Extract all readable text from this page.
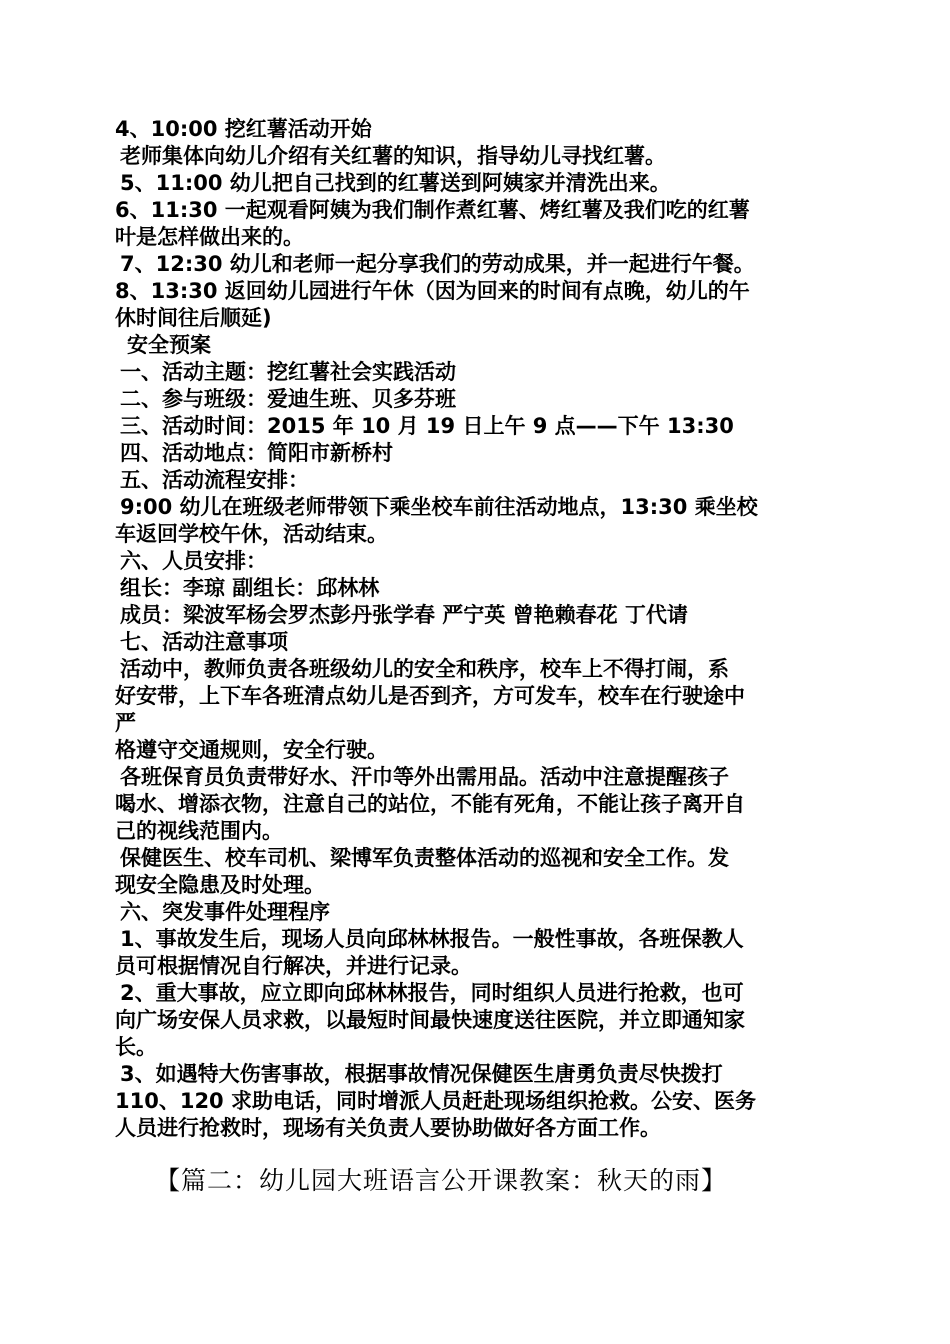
4、10:00 挖红薯活动开始
老师集体向幼儿介绍有关红薯的知识，指导幼儿寻找红薯。
5、11:00 幼儿把自己找到的红薯送到阿姨家并清洗出来。
6、11:30 一起观看阿姨为我们制作煮红薯、烤红薯及我们吃的红薯
叶是怎样做出来的。
7、12:30 幼儿和老师一起分享我们的劳动成果，并一起进行午餐。
8、13:30 返回幼儿园进行午休（因为回来的时间有点晚，幼儿的午
休时间往后顺延)
安全预案
一、活动主题：挖红薯社会实践活动
二、参与班级：爱迪生班、贝多芬班
三、活动时间：2015 年 10 月 19 日上午 9 点——下午 13:30
四、活动地点：简阳市新桥村
五、活动流程安排：
9:00 幼儿在班级老师带领下乘坐校车前往活动地点，13:30 乘坐校
车返回学校午休，活动结束。
六、人员安排：
组长：李琼 副组长：邱林林
成员：梁波军杨会罗杰彭丹张学春 严宁英 曾艳赖春花 丁代请
七、活动注意事项
活动中，教师负责各班级幼儿的安全和秩序，校车上不得打闹，系
好安带，上下车各班清点幼儿是否到齐，方可发车，校车在行驶途中
严
格遵守交通规则，安全行驶。
各班保育员负责带好水、汗巾等外出需用品。活动中注意提醒孩子
喝水、增添衣物，注意自己的站位，不能有死角，不能让孩子离开自
己的视线范围内。
保健医生、校车司机、梁博军负责整体活动的巡视和安全工作。发
现安全隐患及时处理。
六、突发事件处理程序
1、事故发生后，现场人员向邱林林报告。一般性事故，各班保教人
员可根据情况自行解决，并进行记录。
2、重大事故，应立即向邱林林报告，同时组织人员进行抢救，也可
向广场安保人员求救，以最短时间最快速度送往医院，并立即通知家
长。
3、如遇特大伤害事故，根据事故情况保健医生唐勇负责尽快拨打
110、120 求助电话，同时增派人员赶赴现场组织抢救。公安、医务
人员进行抢救时，现场有关负责人要协助做好各方面工作。
【篇二：幼儿园大班语言公开课教案：秋天的雨】
